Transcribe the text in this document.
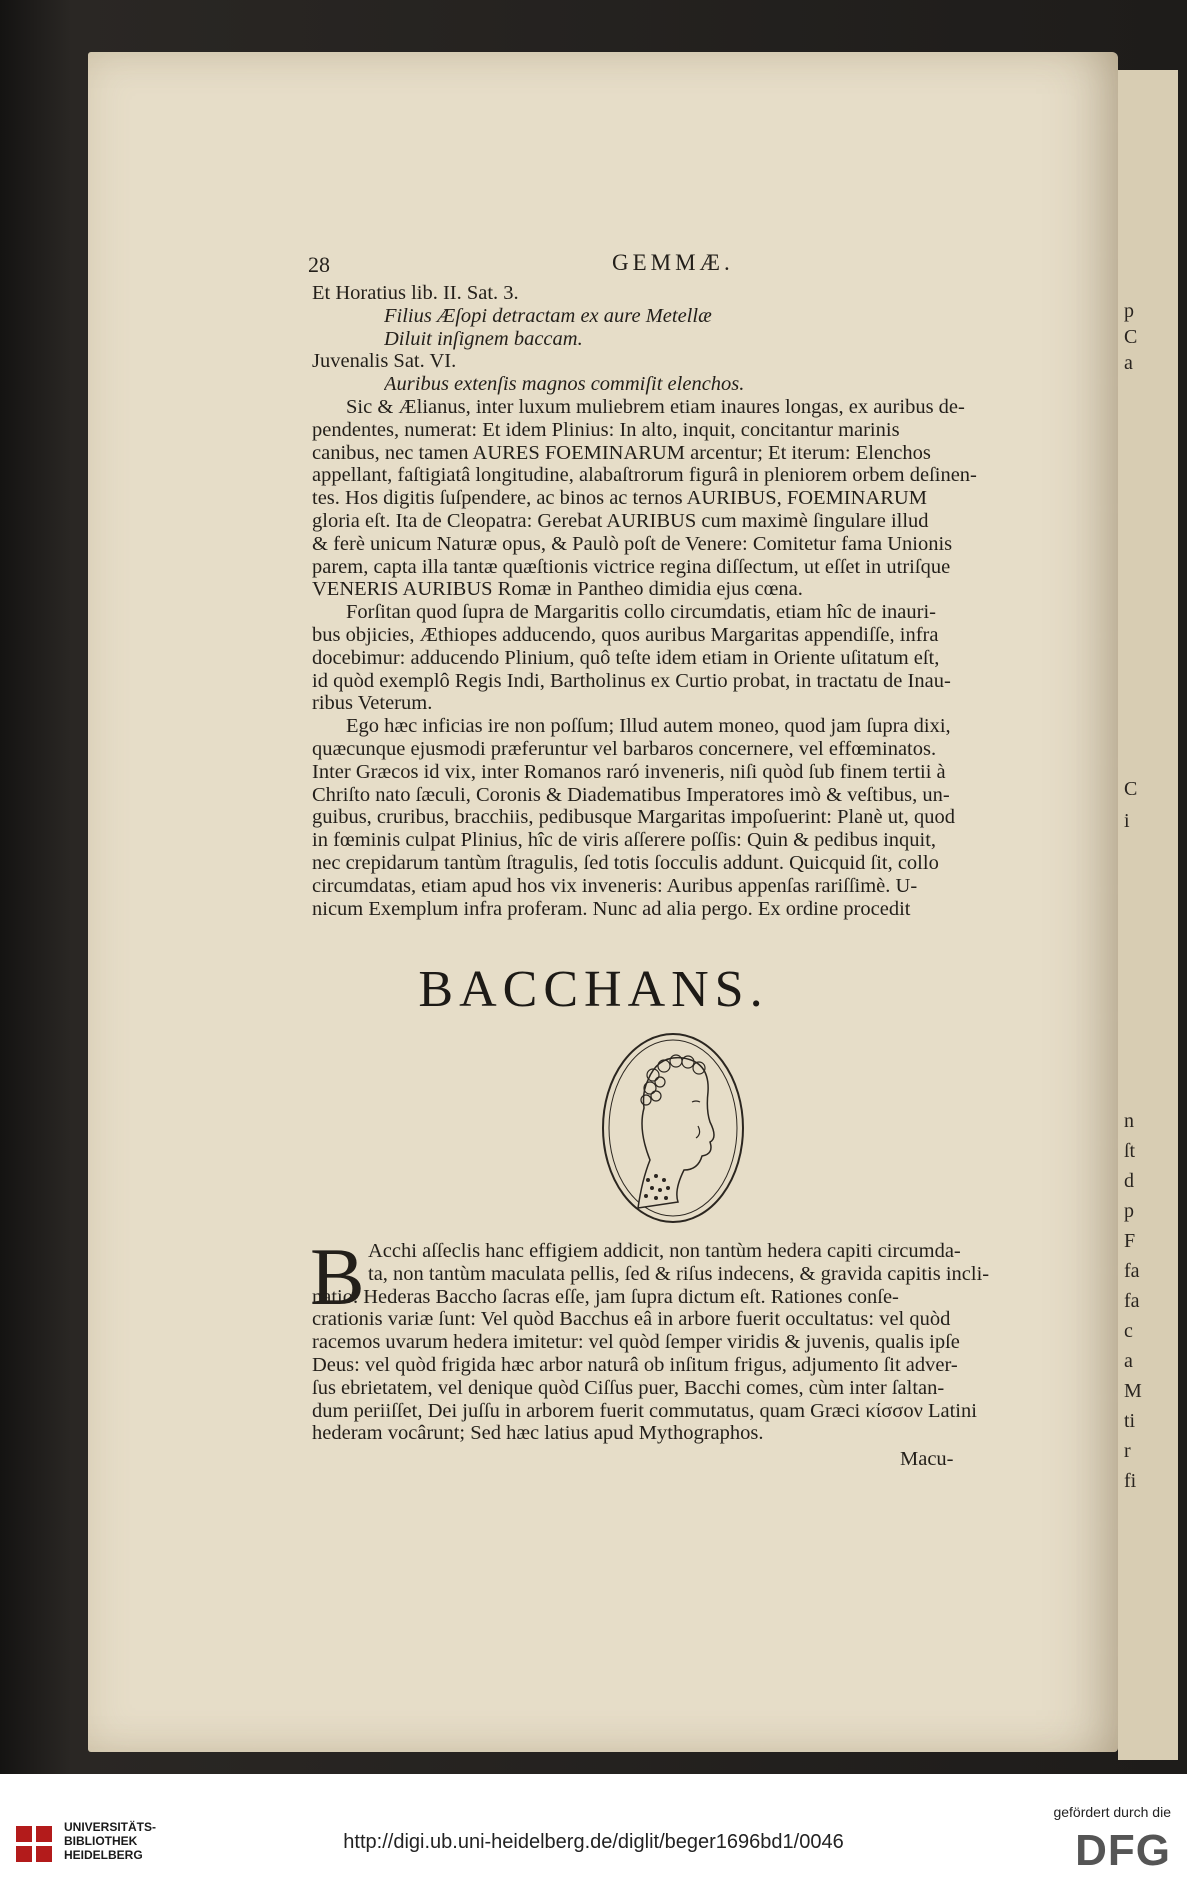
p
C
a
C
i
n
ſt
d
p
F
fa
fa
c
a
M
ti
r
fi
28	GEMMÆ.
Et Horatius lib. II. Sat. 3.
Filius Æſopi detractam ex aure Metellæ
Diluit inſignem baccam.
Juvenalis Sat. VI.
Auribus extenſis magnos commiſit elenchos.
Sic & Ælianus, inter luxum muliebrem etiam inaures longas, ex auribus de-
pendentes, numerat: Et idem Plinius: In alto, inquit, concitantur marinis
canibus, nec tamen AURES FOEMINARUM arcentur; Et iterum: Elenchos
appellant, faſtigiatâ longitudine, alabaſtrorum figurâ in pleniorem orbem deſinen-
tes. Hos digitis ſuſpendere, ac binos ac ternos AURIBUS, FOEMINARUM
gloria eſt. Ita de Cleopatra: Gerebat AURIBUS cum maximè ſingulare illud
& ferè unicum Naturæ opus, & Paulò poſt de Venere: Comitetur fama Unionis
parem, capta illa tantæ quæſtionis victrice regina diſſectum, ut eſſet in utriſque
VENERIS AURIBUS Romæ in Pantheo dimidia ejus cœna.
Forſitan quod ſupra de Margaritis collo circumdatis, etiam hîc de inauri-
bus objicies, Æthiopes adducendo, quos auribus Margaritas appendiſſe, infra
docebimur: adducendo Plinium, quô teſte idem etiam in Oriente uſitatum eſt,
id quòd exemplô Regis Indi, Bartholinus ex Curtio probat, in tractatu de Inau-
ribus Veterum.
Ego hæc inficias ire non poſſum; Illud autem moneo, quod jam ſupra dixi,
quæcunque ejusmodi præferuntur vel barbaros concernere, vel effœminatos.
Inter Græcos id vix, inter Romanos raró inveneris, niſi quòd ſub finem tertii à
Chriſto nato ſæculi, Coronis & Diadematibus Imperatores imò & veſtibus, un-
guibus, cruribus, bracchiis, pedibusque Margaritas impoſuerint: Planè ut, quod
in fœminis culpat Plinius, hîc de viris aſſerere poſſis: Quin & pedibus inquit,
nec crepidarum tantùm ſtragulis, ſed totis ſocculis addunt. Quicquid ſit, collo
circumdatas, etiam apud hos vix inveneris: Auribus appenſas rariſſimè. U-
nicum Exemplum infra proferam. Nunc ad alia pergo. Ex ordine procedit
BACCHANS.
B Acchi aſſeclis hanc effigiem addicit, non tantùm hedera capiti circumda-
ta, non tantùm maculata pellis, ſed & riſus indecens, & gravida capitis incli-
natio. Hederas Baccho ſacras eſſe, jam ſupra dictum eſt. Rationes conſe-
crationis variæ ſunt: Vel quòd Bacchus eâ in arbore fuerit occultatus: vel quòd
racemos uvarum hedera imitetur: vel quòd ſemper viridis & juvenis, qualis ipſe
Deus: vel quòd frigida hæc arbor naturâ ob inſitum frigus, adjumento ſit adver-
ſus ebrietatem, vel denique quòd Ciſſus puer, Bacchi comes, cùm inter ſaltan-
dum periiſſet, Dei juſſu in arborem fuerit commutatus, quam Græci κίσσον Latini
hederam vocârunt; Sed hæc latius apud Mythographos.
Macu-
UNIVERSITÄTS-
BIBLIOTHEK
HEIDELBERG
http://digi.ub.uni-heidelberg.de/diglit/beger1696bd1/0046
gefördert durch die
DFG
